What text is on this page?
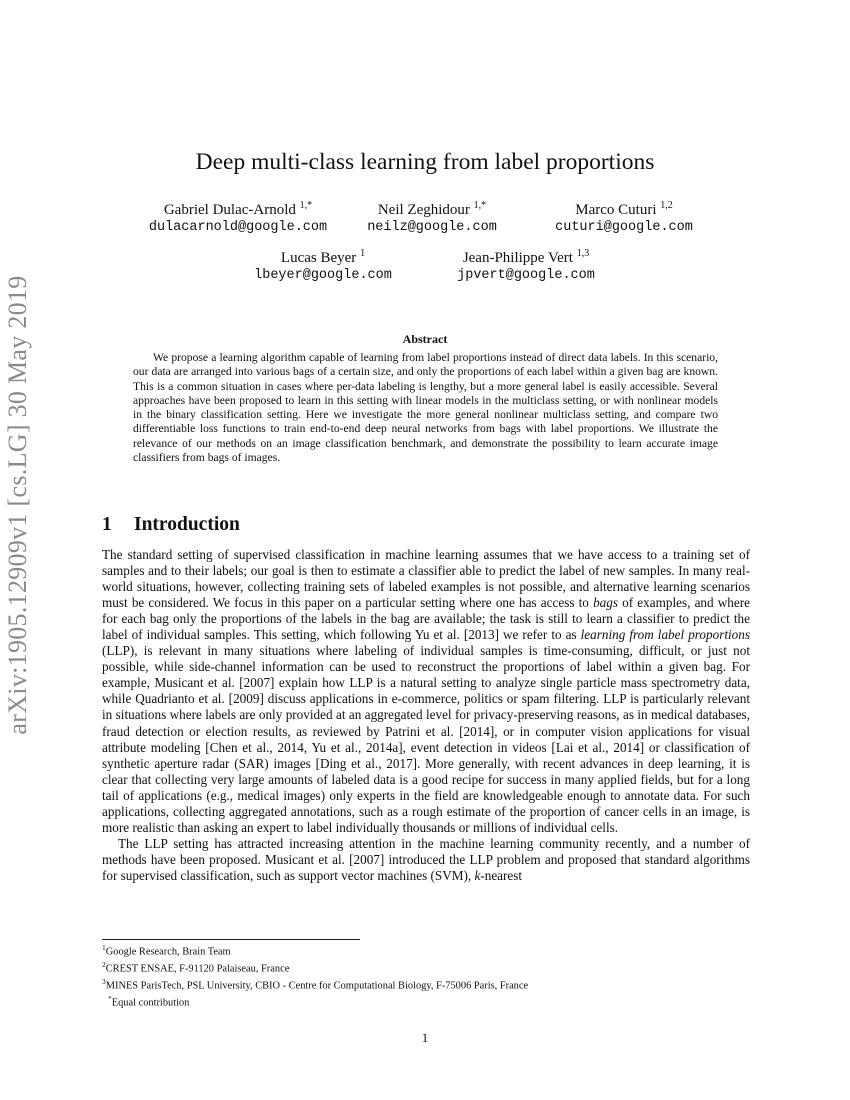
arXiv:1905.12909v1 [cs.LG] 30 May 2019
Deep multi-class learning from label proportions
Gabriel Dulac-Arnold $^{1,*}$
dulacarnold@google.com
Neil Zeghidour $^{1,*}$
neilz@google.com
Marco Cuturi $^{1,2}$
cuturi@google.com
Lucas Beyer $^1$
lbeyer@google.com
Jean-Philippe Vert $^{1,3}$
jpvert@google.com
Abstract

We propose a learning algorithm capable of learning from label proportions instead of direct data labels. In this scenario, our data are arranged into various bags of a certain size, and only the proportions of each label within a given bag are known. This is a common situation in cases where per-data labeling is lengthy, but a more general label is easily accessible. Several approaches have been proposed to learn in this setting with linear models in the multiclass setting, or with nonlinear models in the binary classification setting. Here we investigate the more general nonlinear multiclass setting, and compare two differentiable loss functions to train end-to-end deep neural networks from bags with label proportions. We illustrate the relevance of our methods on an image classification benchmark, and demonstrate the possibility to learn accurate image classifiers from bags of images.

1 Introduction

The standard setting of supervised classification in machine learning assumes that we have access to a training set of samples and to their labels; our goal is then to estimate a classifier able to predict the label of new samples. In many real-world situations, however, collecting training sets of labeled examples is not possible, and alternative learning scenarios must be considered. We focus in this paper on a particular setting where one has access to bags of examples, and where for each bag only the proportions of the labels in the bag are available; the task is still to learn a classifier to predict the label of individual samples. This setting, which following Yu et al. [2013] we refer to as learning from label proportions (LLP), is relevant in many situations where labeling of individual samples is time-consuming, difficult, or just not possible, while side-channel information can be used to reconstruct the proportions of label within a given bag. For example, Musicant et al. [2007] explain how LLP is a natural setting to analyze single particle mass spectrometry data, while Quadrianto et al. [2009] discuss applications in e-commerce, politics or spam filtering. LLP is particularly relevant in situations where labels are only provided at an aggregated level for privacy-preserving reasons, as in medical databases, fraud detection or election results, as reviewed by Patrini et al. [2014], or in computer vision applications for visual attribute modeling [Chen et al., 2014, Yu et al., 2014a], event detection in videos [Lai et al., 2014] or classification of synthetic aperture radar (SAR) images [Ding et al., 2017]. More generally, with recent advances in deep learning, it is clear that collecting very large amounts of labeled data is a good recipe for success in many applied fields, but for a long tail of applications (e.g., medical images) only experts in the field are knowledgeable enough to annotate data. For such applications, collecting aggregated annotations, such as a rough estimate of the proportion of cancer cells in an image, is more realistic than asking an expert to label individually thousands or millions of individual cells.

The LLP setting has attracted increasing attention in the machine learning community recently, and a number of methods have been proposed. Musicant et al. [2007] introduced the LLP problem and proposed that standard algorithms for supervised classification, such as support vector machines (SVM), k-nearest

$^1$Google Research, Brain Team
$^2$CREST ENSAE, F-91120 Palaiseau, France
$^3$MINES ParisTech, PSL University, CBIO - Centre for Computational Biology, F-75006 Paris, France
*Equal contribution
1
